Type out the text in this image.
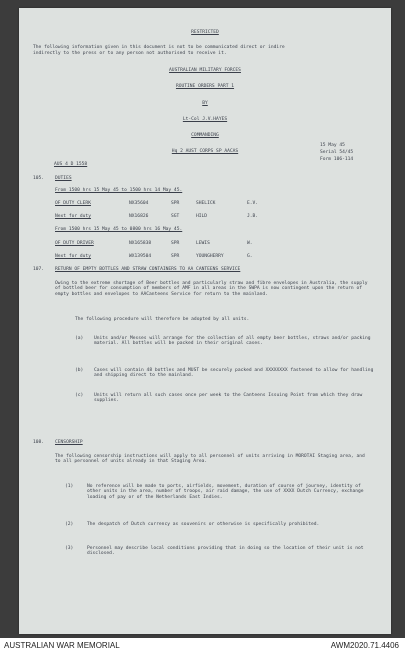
RESTRICTED
The following information given in this document is not to be communicated direct or indire
indirectly to the press or to any person not authorised to receive it.
AUSTRALIAN MILITARY FORCES
ROUTINE ORDERS PART 1
BY
Lt-Col J.V.HAYES
COMMANDING
Hq 2 AUST CORPS SP AACAS
AUS 4 D 1558
15 May 45
Serial 54/45
Form 106-114
105. DUTIES
From 1500 hrs 15 May 45 to 1500 hrs 14 May 45.
OF DUTY CLERK	NX35604	SPR	SHELICK	E.V.
Next for duty	NX16826	SGT	HILD	J.B.
From 1500 hrs 15 May 45 to 0800 hrs 16 May 45.
OF DUTY DRIVER	NX165838	SPR	LEWIS	W.
Next for duty	WX139504	SPR	YOUNGHERRY	G.
107. RETURN OF EMPTY BOTTLES AND STRAW CONTAINERS TO AA CANTEENS SERVICE
Owing to the extreme shortage of Beer bottles and particularly straw and fibre envelopes in Australia, the supply of bottled beer for consumption of members of AMF in all areas in the SWPA is now contingent upon the return of empty bottles and envelopes to AACanteens Service for return to the mainland.
The following procedure will therefore be adopted by all units.
(a) Units and/or Messes will arrange for the collection of all empty beer bottles, straws and/or packing material. All bottles will be packed in their original cases.
(b) Cases will contain 48 bottles and MUST be securely packed and XXXXXXXX fastened to allow for handling and shipping direct to the mainland.
(c) Units will return all such cases once per week to the Canteens Issuing Point from which they draw supplies.
108. CENSORSHIP
The following censorship instructions will apply to all personnel of units arriving in MOROTAI Staging area, and to all personnel of units already in that Staging Area.
(1)	No reference will be made to ports, airfields, movement, duration of course of journey, identity of other units in the area, number of troops, air raid damage, the use of XXXX Dutch Currency, exchange loading of pay or of the Netherlands East Indies.
(2)	The despatch of Dutch currency as souvenirs or otherwise is specifically prohibited.
(3)	Personnel may describe local conditions providing that in doing so the location of their unit is not disclosed.
AUSTRALIAN WAR MEMORIAL	AWM2020.71.4406
